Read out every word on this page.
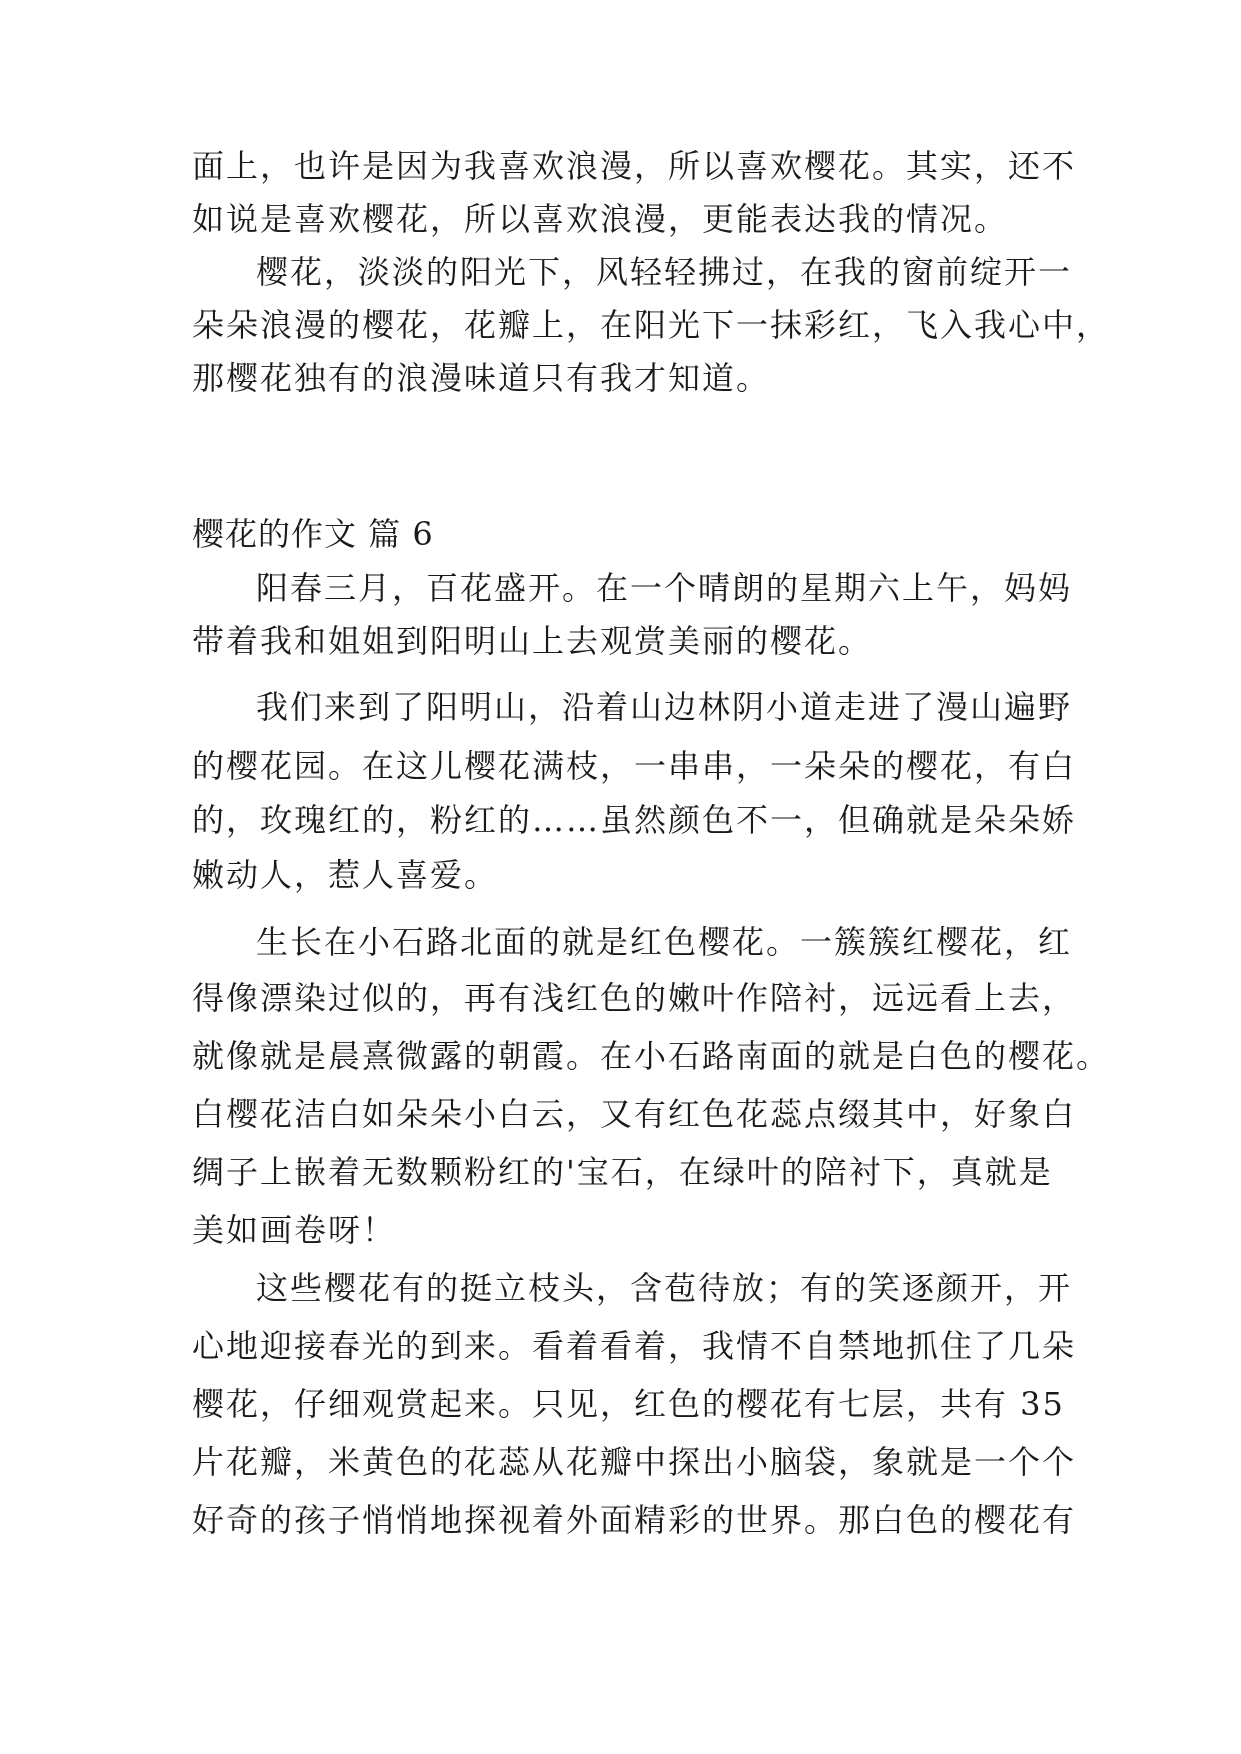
面上，也许是因为我喜欢浪漫，所以喜欢樱花。其实，还不
如说是喜欢樱花，所以喜欢浪漫，更能表达我的情况。
樱花，淡淡的阳光下，风轻轻拂过，在我的窗前绽开一
朵朵浪漫的樱花，花瓣上，在阳光下一抹彩红，飞入我心中，
那樱花独有的浪漫味道只有我才知道。
樱花的作文 篇 6
阳春三月，百花盛开。在一个晴朗的星期六上午，妈妈
带着我和姐姐到阳明山上去观赏美丽的樱花。
我们来到了阳明山，沿着山边林阴小道走进了漫山遍野
的樱花园。在这儿樱花满枝，一串串，一朵朵的樱花，有白
的，玫瑰红的，粉红的……虽然颜色不一，但确就是朵朵娇
嫩动人，惹人喜爱。
生长在小石路北面的就是红色樱花。一簇簇红樱花，红
得像漂染过似的，再有浅红色的嫩叶作陪衬，远远看上去，
就像就是晨熹微露的朝霞。在小石路南面的就是白色的樱花。
白樱花洁白如朵朵小白云，又有红色花蕊点缀其中，好象白
绸子上嵌着无数颗粉红的'宝石，在绿叶的陪衬下，真就是
美如画卷呀！
这些樱花有的挺立枝头，含苞待放；有的笑逐颜开，开
心地迎接春光的到来。看着看着，我情不自禁地抓住了几朵
樱花，仔细观赏起来。只见，红色的樱花有七层，共有 35
片花瓣，米黄色的花蕊从花瓣中探出小脑袋，象就是一个个
好奇的孩子悄悄地探视着外面精彩的世界。那白色的樱花有
